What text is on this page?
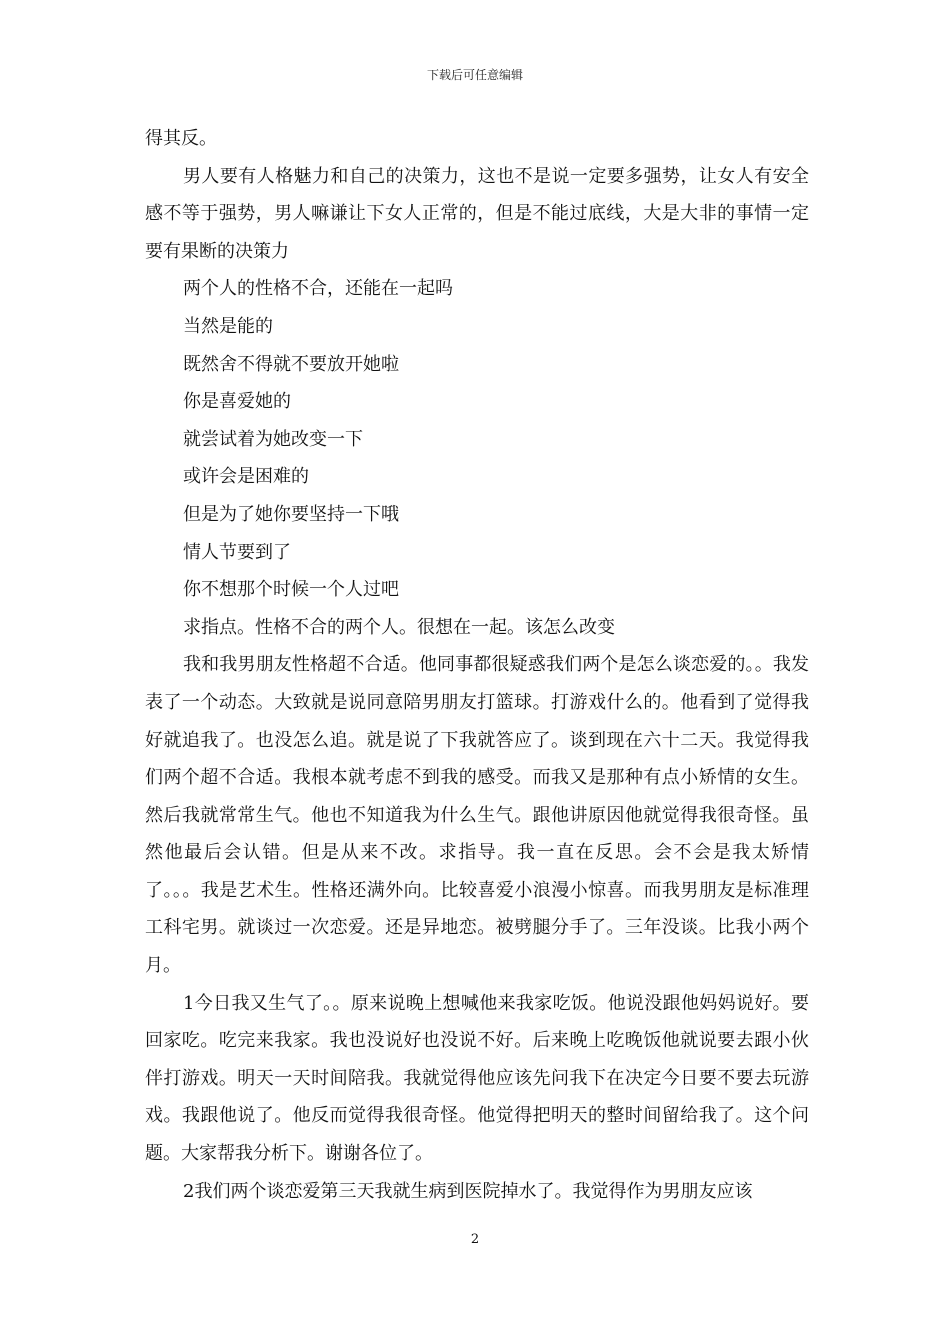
下载后可任意编辑

得其反。

男人要有人格魅力和自己的决策力，这也不是说一定要多强势，让女人有安全感不等于强势，男人嘛谦让下女人正常的，但是不能过底线，大是大非的事情一定要有果断的决策力

两个人的性格不合，还能在一起吗

当然是能的

既然舍不得就不要放开她啦

你是喜爱她的

就尝试着为她改变一下

或许会是困难的

但是为了她你要坚持一下哦

情人节要到了

你不想那个时候一个人过吧

求指点。性格不合的两个人。很想在一起。该怎么改变

我和我男朋友性格超不合适。他同事都很疑惑我们两个是怎么谈恋爱的。。我发表了一个动态。大致就是说同意陪男朋友打篮球。打游戏什么的。他看到了觉得我好就追我了。也没怎么追。就是说了下我就答应了。谈到现在六十二天。我觉得我们两个超不合适。我根本就考虑不到我的感受。而我又是那种有点小矫情的女生。然后我就常常生气。他也不知道我为什么生气。跟他讲原因他就觉得我很奇怪。虽然他最后会认错。但是从来不改。求指导。我一直在反思。会不会是我太矫情了。。。我是艺术生。性格还满外向。比较喜爱小浪漫小惊喜。而我男朋友是标准理工科宅男。就谈过一次恋爱。还是异地恋。被劈腿分手了。三年没谈。比我小两个月。

1今日我又生气了。。原来说晚上想喊他来我家吃饭。他说没跟他妈妈说好。要回家吃。吃完来我家。我也没说好也没说不好。后来晚上吃晚饭他就说要去跟小伙伴打游戏。明天一天时间陪我。我就觉得他应该先问我下在决定今日要不要去玩游戏。我跟他说了。他反而觉得我很奇怪。他觉得把明天的整时间留给我了。这个问题。大家帮我分析下。谢谢各位了。

2我们两个谈恋爱第三天我就生病到医院掉水了。我觉得作为男朋友应该

2
